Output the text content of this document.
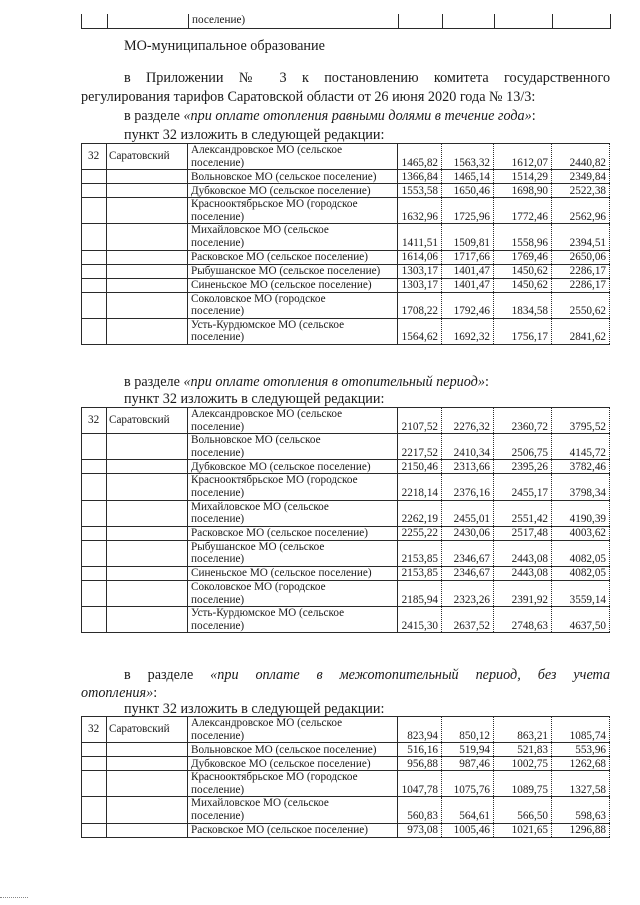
поселение)
МО-муниципальное образование
в Приложении № 3 к постановлению комитета государственного
регулирования тарифов Саратовской области от 26 июня 2020 года № 13/3:
в разделе «при оплате отопления равными долями в течение года»:
пункт 32 изложить в следующей редакции:
32	Саратовский	Александровское МО (сельское
поселение)	1465,82	1563,32	1612,07	2440,82

		Вольновское МО (сельское поселение)	1366,84	1465,14	1514,29	2349,84

		Дубковское МО (сельское поселение)	1553,58	1650,46	1698,90	2522,38

		Краснооктябрьское МО (городское
поселение)	1632,96	1725,96	1772,46	2562,96

		Михайловское МО (сельское
поселение)	1411,51	1509,81	1558,96	2394,51

		Расковское МО (сельское поселение)	1614,06	1717,66	1769,46	2650,06

		Рыбушанское МО (сельское поселение)	1303,17	1401,47	1450,62	2286,17

		Синеньское МО (сельское поселение)	1303,17	1401,47	1450,62	2286,17

		Соколовское МО (городское
поселение)	1708,22	1792,46	1834,58	2550,62

		Усть-Курдюмское МО (сельское
поселение)	1564,62	1692,32	1756,17	2841,62
в разделе «при оплате отопления в отопительный период»:
пункт 32 изложить в следующей редакции:
32	Саратовский	Александровское МО (сельское
поселение)	2107,52	2276,32	2360,72	3795,52

		Вольновское МО (сельское
поселение)	2217,52	2410,34	2506,75	4145,72

		Дубковское МО (сельское поселение)	2150,46	2313,66	2395,26	3782,46

		Краснооктябрьское МО (городское
поселение)	2218,14	2376,16	2455,17	3798,34

		Михайловское МО (сельское
поселение)	2262,19	2455,01	2551,42	4190,39

		Расковское МО (сельское поселение)	2255,22	2430,06	2517,48	4003,62

		Рыбушанское МО (сельское
поселение)	2153,85	2346,67	2443,08	4082,05

		Синеньское МО (сельское поселение)	2153,85	2346,67	2443,08	4082,05

		Соколовское МО (городское
поселение)	2185,94	2323,26	2391,92	3559,14

		Усть-Курдюмское МО (сельское
поселение)	2415,30	2637,52	2748,63	4637,50
в разделе «при оплате в межотопительный период, без учета
отопления»:
пункт 32 изложить в следующей редакции:
32	Саратовский	Александровское МО (сельское
поселение)	823,94	850,12	863,21	1085,74

		Вольновское МО (сельское поселение)	516,16	519,94	521,83	553,96

		Дубковское МО (сельское поселение)	956,88	987,46	1002,75	1262,68

		Краснооктябрьское МО (городское
поселение)	1047,78	1075,76	1089,75	1327,58

		Михайловское МО (сельское
поселение)	560,83	564,61	566,50	598,63

		Расковское МО (сельское поселение)	973,08	1005,46	1021,65	1296,88
